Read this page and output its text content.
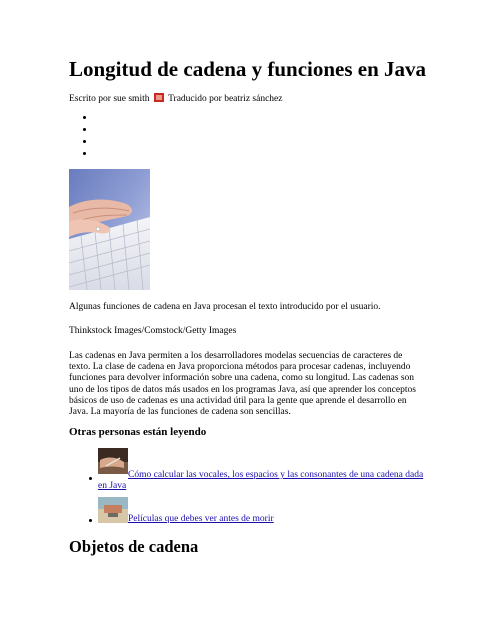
Longitud de cadena y funciones en Java
Escrito por sue smith Traducido por beatriz sánchez
Algunas funciones de cadena en Java procesan el texto introducido por el usuario.
Thinkstock Images/Comstock/Getty Images

Las cadenas en Java permiten a los desarrolladores modelas secuencias de caracteres de texto. La clase de cadena en Java proporciona métodos para procesar cadenas, incluyendo funciones para devolver información sobre una cadena, como su longitud. Las cadenas son uno de los tipos de datos más usados en los programas Java, así que aprender los conceptos básicos de uso de cadenas es una actividad útil para la gente que aprende el desarrollo en Java. La mayoría de las funciones de cadena son sencillas.

Otras personas están leyendo
Cómo calcular las vocales, los espacios y las consonantes de una cadena dada en Java
Películas que debes ver antes de morir
Objetos de cadena
